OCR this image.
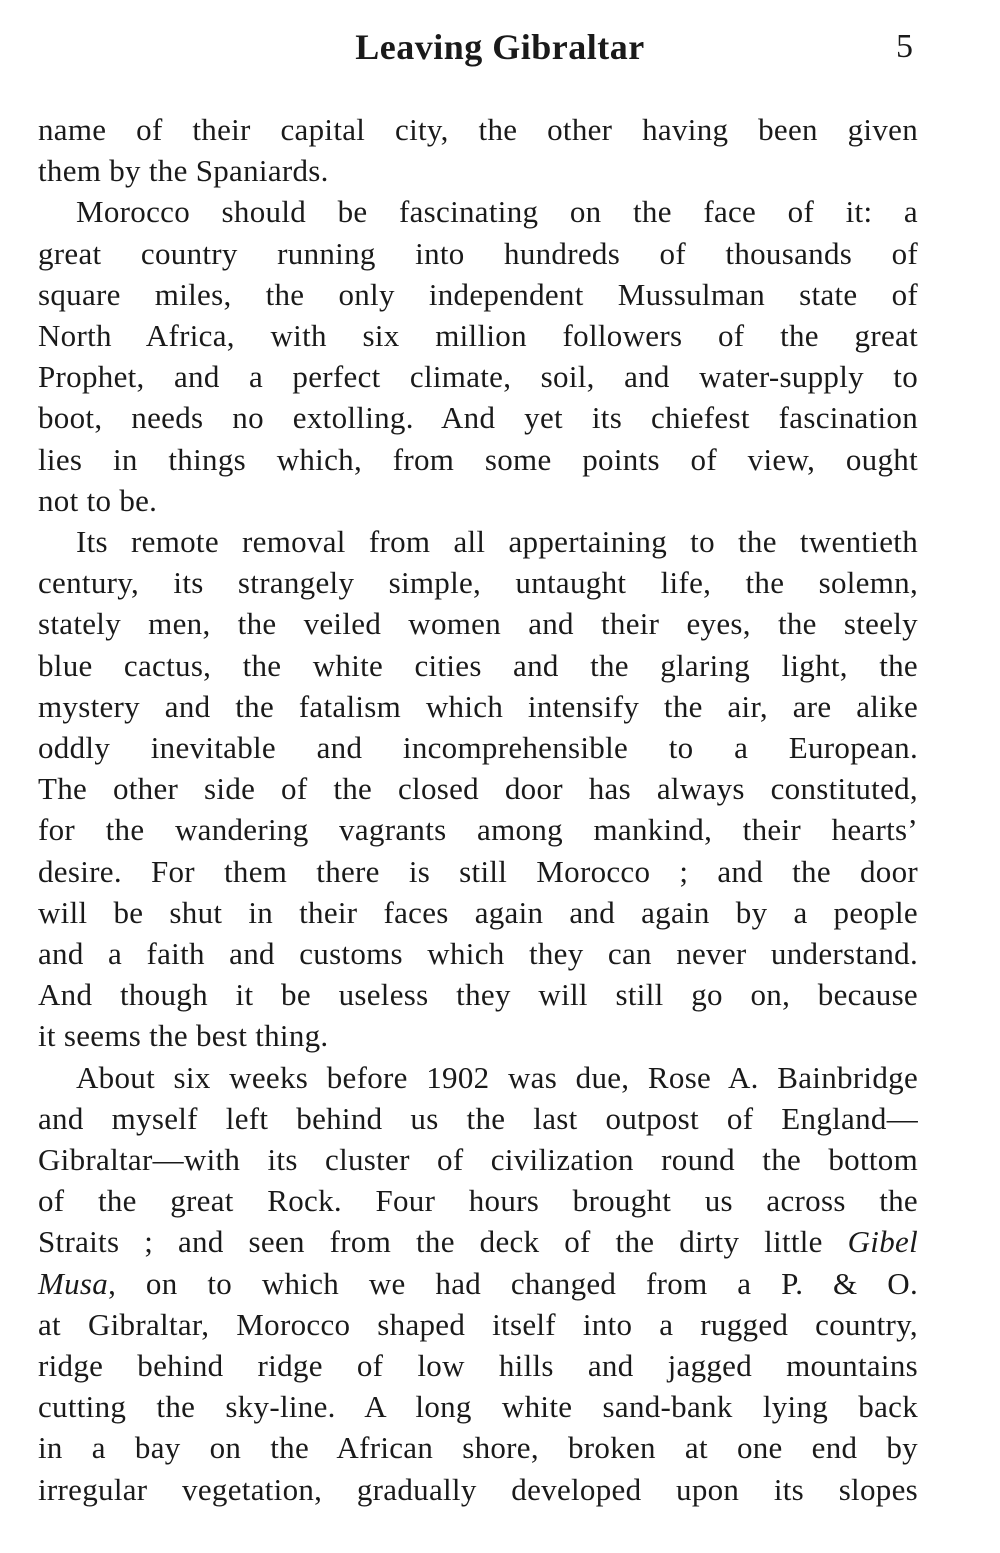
Leaving Gibraltar	5
name of their capital city, the other having been given
them by the Spaniards.
Morocco should be fascinating on the face of it: a
great country running into hundreds of thousands of
square miles, the only independent Mussulman state of
North Africa, with six million followers of the great
Prophet, and a perfect climate, soil, and water-supply to
boot, needs no extolling. And yet its chiefest fascination
lies in things which, from some points of view, ought
not to be.
Its remote removal from all appertaining to the twentieth
century, its strangely simple, untaught life, the solemn,
stately men, the veiled women and their eyes, the steely
blue cactus, the white cities and the glaring light, the
mystery and the fatalism which intensify the air, are alike
oddly inevitable and incomprehensible to a European.
The other side of the closed door has always constituted,
for the wandering vagrants among mankind, their hearts’
desire. For them there is still Morocco ; and the door
will be shut in their faces again and again by a people
and a faith and customs which they can never understand.
And though it be useless they will still go on, because
it seems the best thing.
About six weeks before 1902 was due, Rose A. Bainbridge
and myself left behind us the last outpost of England—
Gibraltar—with its cluster of civilization round the bottom
of the great Rock. Four hours brought us across the
Straits ; and seen from the deck of the dirty little Gibel
Musa, on to which we had changed from a P. & O.
at Gibraltar, Morocco shaped itself into a rugged country,
ridge behind ridge of low hills and jagged mountains
cutting the sky-line. A long white sand-bank lying back
in a bay on the African shore, broken at one end by
irregular vegetation, gradually developed upon its slopes
